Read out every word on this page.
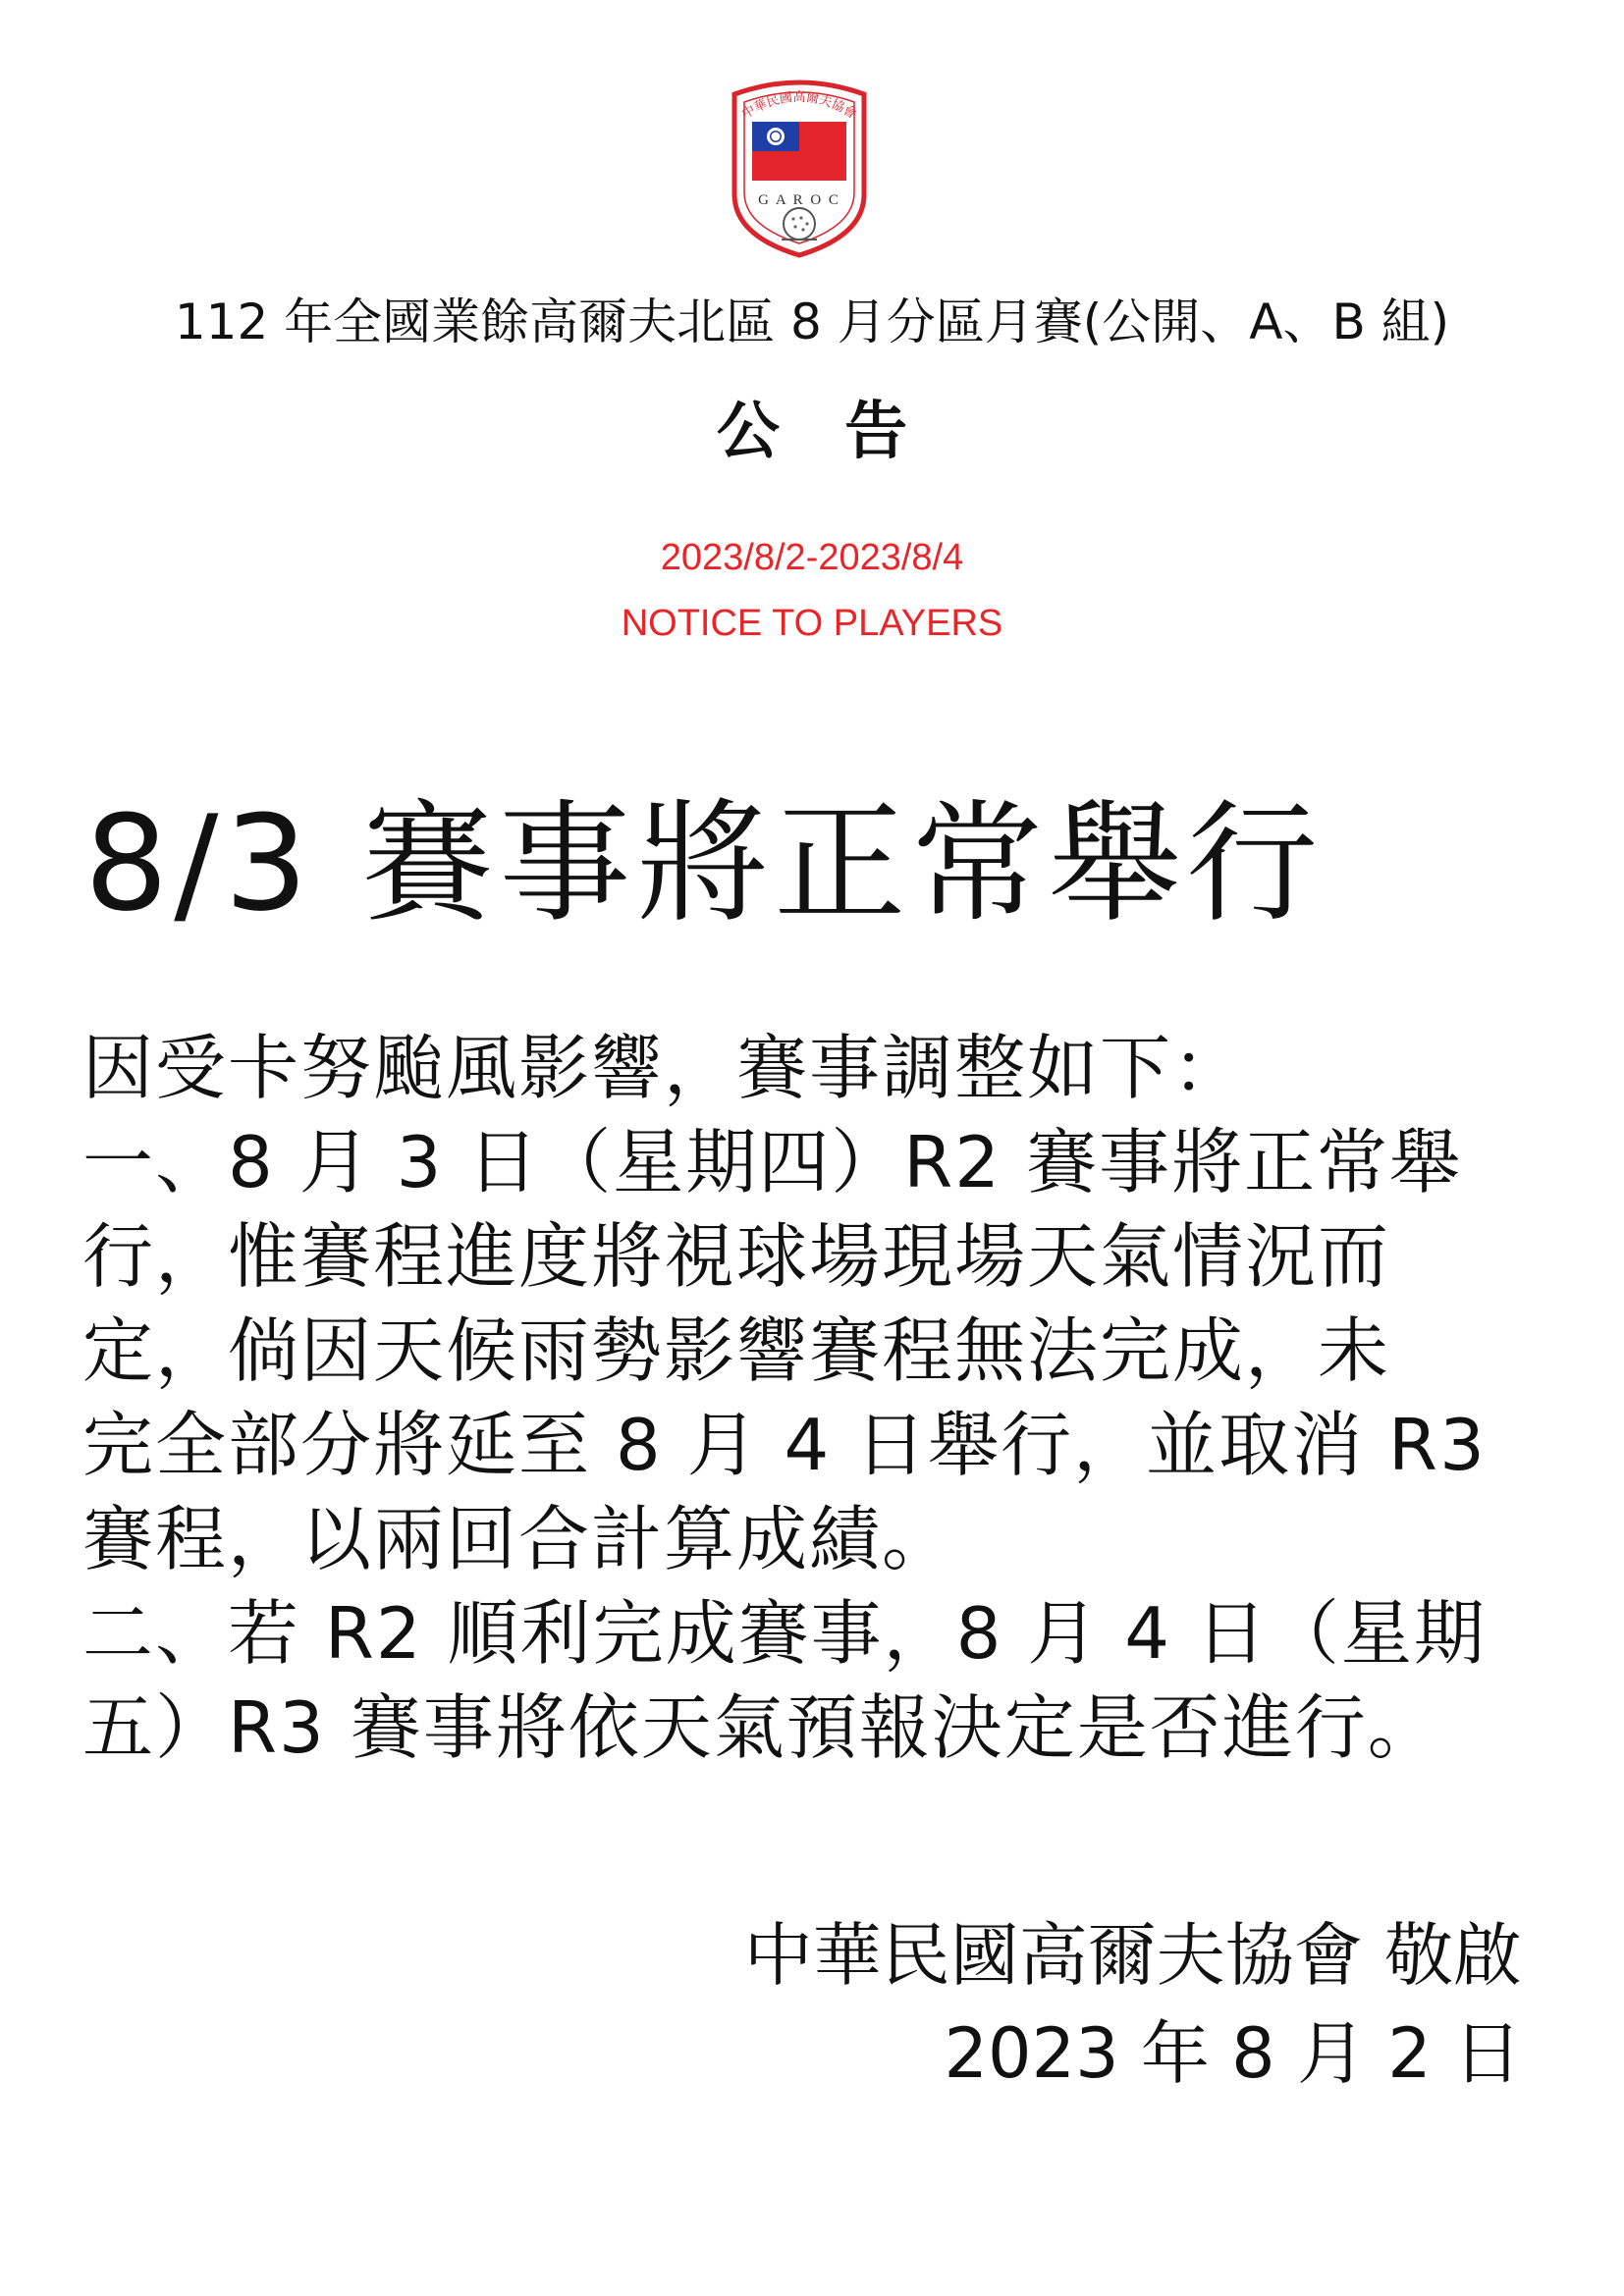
中華民國高爾夫協會
G A R O C
112 年全國業餘高爾夫北區 8 月分區月賽(公開、A、B 組)
公 告
2023/8/2-2023/8/4
NOTICE TO PLAYERS
8/3 賽事將正常舉行
因受卡努颱風影響，賽事調整如下：
一、8 月 3 日（星期四）R2 賽事將正常舉
行，惟賽程進度將視球場現場天氣情況而
定，倘因天候雨勢影響賽程無法完成，未
完全部分將延至 8 月 4 日舉行，並取消 R3
賽程，以兩回合計算成績。
二、若 R2 順利完成賽事，8 月 4 日（星期
五）R3 賽事將依天氣預報決定是否進行。
中華民國高爾夫協會 敬啟
2023 年 8 月 2 日
